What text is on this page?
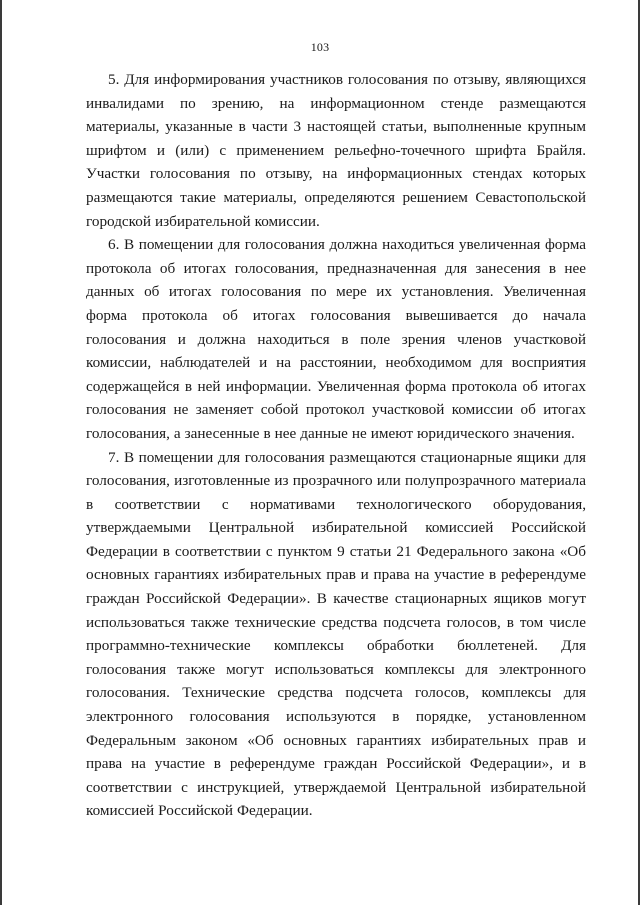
103

5. Для информирования участников голосования по отзыву, являющихся инвалидами по зрению, на информационном стенде размещаются материалы, указанные в части 3 настоящей статьи, выполненные крупным шрифтом и (или) с применением рельефно-точечного шрифта Брайля. Участки голосования по отзыву, на информационных стендах которых размещаются такие материалы, определяются решением Севастопольской городской избирательной комиссии.

6. В помещении для голосования должна находиться увеличенная форма протокола об итогах голосования, предназначенная для занесения в нее данных об итогах голосования по мере их установления. Увеличенная форма протокола об итогах голосования вывешивается до начала голосования и должна находиться в поле зрения членов участковой комиссии, наблюдателей и на расстоянии, необходимом для восприятия содержащейся в ней информации. Увеличенная форма протокола об итогах голосования не заменяет собой протокол участковой комиссии об итогах голосования, а занесенные в нее данные не имеют юридического значения.

7. В помещении для голосования размещаются стационарные ящики для голосования, изготовленные из прозрачного или полупрозрачного материала в соответствии с нормативами технологического оборудования, утверждаемыми Центральной избирательной комиссией Российской Федерации в соответствии с пунктом 9 статьи 21 Федерального закона «Об основных гарантиях избирательных прав и права на участие в референдуме граждан Российской Федерации». В качестве стационарных ящиков могут использоваться также технические средства подсчета голосов, в том числе программно-технические комплексы обработки бюллетеней. Для голосования также могут использоваться комплексы для электронного голосования. Технические средства подсчета голосов, комплексы для электронного голосования используются в порядке, установленном Федеральным законом «Об основных гарантиях избирательных прав и права на участие в референдуме граждан Российской Федерации», и в соответствии с инструкцией, утверждаемой Центральной избирательной комиссией Российской Федерации.
